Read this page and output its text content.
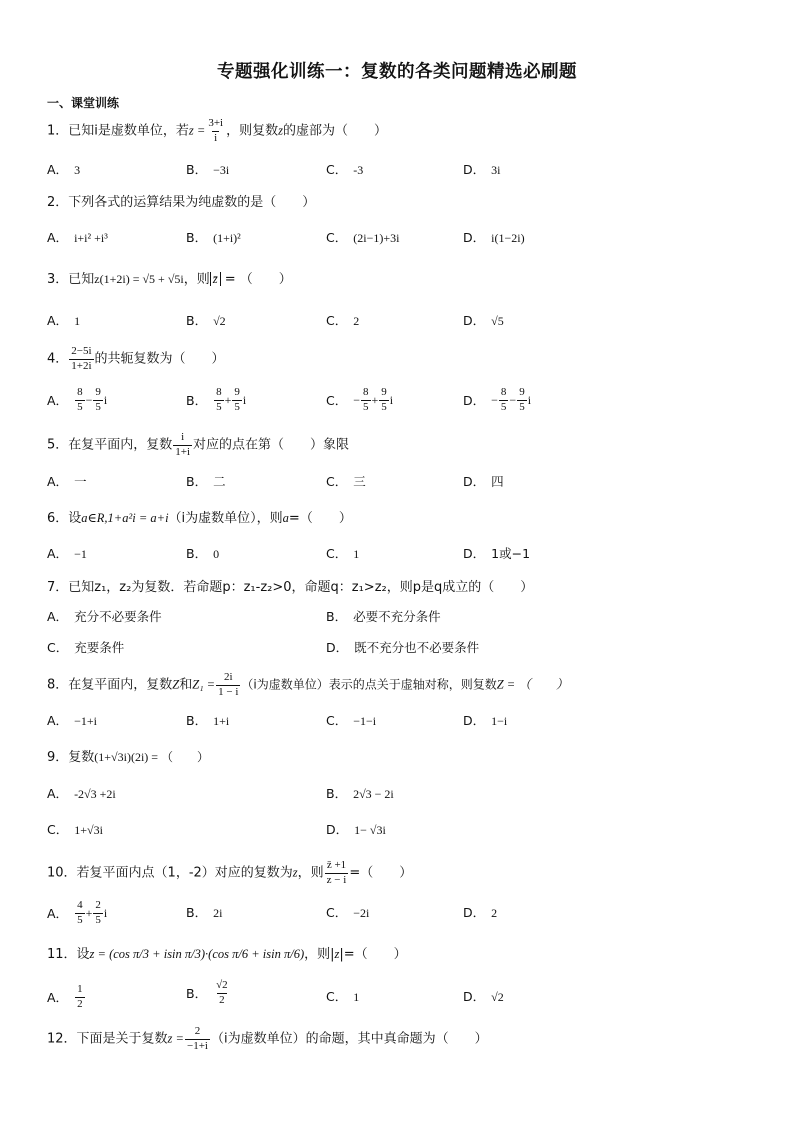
专题强化训练一：复数的各类问题精选必刷题
一、课堂训练
1．已知i是虚数单位，若$z = \frac{3+i}{i}$ ，则复数z的虚部为（　　）
A． 3	B． −3i	C． -3	D． 3i
2．下列各式的运算结果为纯虚数的是（　　）
A． i+i² +i³	B． (1+i)²	C． (2i−1)+3i	D． i(1−2i)
3．已知z(1+2i) = √5 + √5i，则 z̄ = （　　）
A． 1	B． √2	C． 2	D． √5
4． $\frac{2-5i}{1+2i}$ 的共轭复数为（　　）
A． $\frac{8}{5} - \frac{9}{5}$ i	B． $\frac{8}{5} + \frac{9}{5}$ i	C． − $\frac{8}{5} + \frac{9}{5}$ i	D． − $\frac{8}{5} - \frac{9}{5}$ i
5．在复平面内，复数 $\frac{i}{1+i}$ 对应的点在第（　　）象限
A． 一	B． 二	C． 三	D． 四
6．设a∈R,1+a²i = a+i（i为虚数单位），则a=（　　）
A． −1	B． 0	C． 1	D． 1或−1
7．已知z₁，z₂为复数．若命题p：z₁-z₂>0，命题q：z₁>z₂，则p是q成立的（　　）
A． 充分不必要条件	B． 必要不充分条件
C． 充要条件	D． 既不充分也不必要条件
8．在复平面内，复数Z和$Z_1 = \frac{2i}{1 - i} (i$为虚数单位）表示的点关于虚轴对称，则复数Z = （　　）
A． −1+i	B． 1+i	C． −1−i	D． 1−i
9．复数(1+√3i)(2i) = （　　）
A． -2√3 +2i	B． 2√3 − 2i
C． 1+√3i	D． 1− √3i
10．若复平面内点（1，-2）对应的复数为z，则 $\frac{z̄ +1}{z - i}$ =（　　）
A． $\frac{4}{5} + \frac{2}{5}$ i	B． 2i	C． −2i	D． 2
11．设z = (cos π/3 + isin π/3)·(cos π/6 + isin π/6)，则|z|=（　　）
A． $\frac{1}{2}$	B． $\frac{√2}{2}$	C． 1	D． √2
12．下面是关于复数$z = \frac{2}{-1+i} (i$为虚数单位）的命题，其中真命题为（　　）
